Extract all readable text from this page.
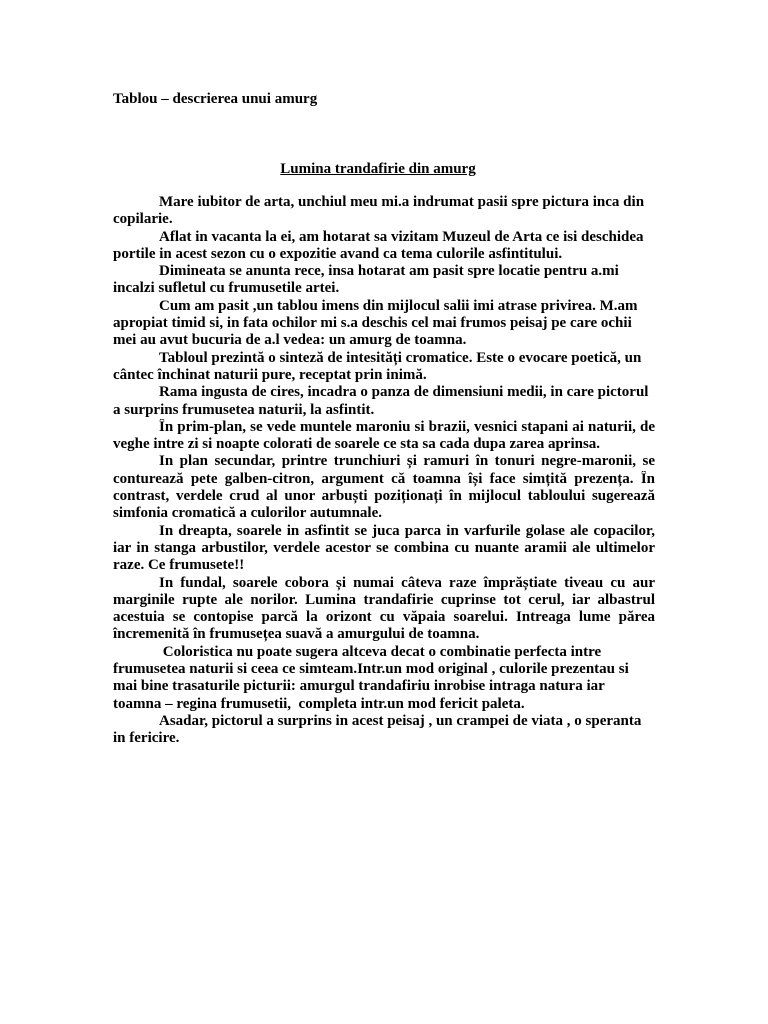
Tablou – descrierea unui amurg
Lumina trandafirie din amurg
Mare iubitor de arta, unchiul meu mi.a indrumat pasii spre pictura inca din
copilarie.
Aflat in vacanta la ei, am hotarat sa vizitam Muzeul de Arta ce isi deschidea
portile in acest sezon cu o expozitie avand ca tema culorile asfintitului.
Dimineata se anunta rece, insa hotarat am pasit spre locatie pentru a.mi
incalzi sufletul cu frumusetile artei.
Cum am pasit ,un tablou imens din mijlocul salii imi atrase privirea. M.am
apropiat timid si, in fata ochilor mi s.a deschis cel mai frumos peisaj pe care ochii
mei au avut bucuria de a.l vedea: un amurg de toamna.
Tabloul prezintă o sinteză de intesități cromatice. Este o evocare poetică, un
cântec închinat naturii pure, receptat prin inimă.
Rama ingusta de cires, incadra o panza de dimensiuni medii, in care pictorul
a surprins frumusetea naturii, la asfintit.
În prim-plan, se vede muntele maroniu si brazii, vesnici stapani ai naturii, de
veghe intre zi si noapte colorati de soarele ce sta sa cada dupa zarea aprinsa.
In plan secundar, printre trunchiuri și ramuri în tonuri negre-maronii, se
conturează pete galben-citron, argument că toamna își face simțită prezența. În
contrast, verdele crud al unor arbuști poziționați în mijlocul tabloului sugerează
simfonia cromatică a culorilor autumnale.
In dreapta, soarele in asfintit se juca parca in varfurile golase ale copacilor,
iar in stanga arbustilor, verdele acestor se combina cu nuante aramii ale ultimelor
raze. Ce frumusete!!
In fundal, soarele cobora și numai câteva raze împrăștiate tiveau cu aur
marginile rupte ale norilor. Lumina trandafirie cuprinse tot cerul, iar albastrul
acestuia se contopise parcă la orizont cu văpaia soarelui. Intreaga lume părea
încremenită în frumusețea suavă a amurgului de toamna.
Coloristica nu poate sugera altceva decat o combinatie perfecta intre
frumusetea naturii si ceea ce simteam.Intr.un mod original , culorile prezentau si
mai bine trasaturile picturii: amurgul trandafiriu inrobise intraga natura iar
toamna – regina frumusetii,  completa intr.un mod fericit paleta.
Asadar, pictorul a surprins in acest peisaj , un crampei de viata , o speranta
in fericire.
